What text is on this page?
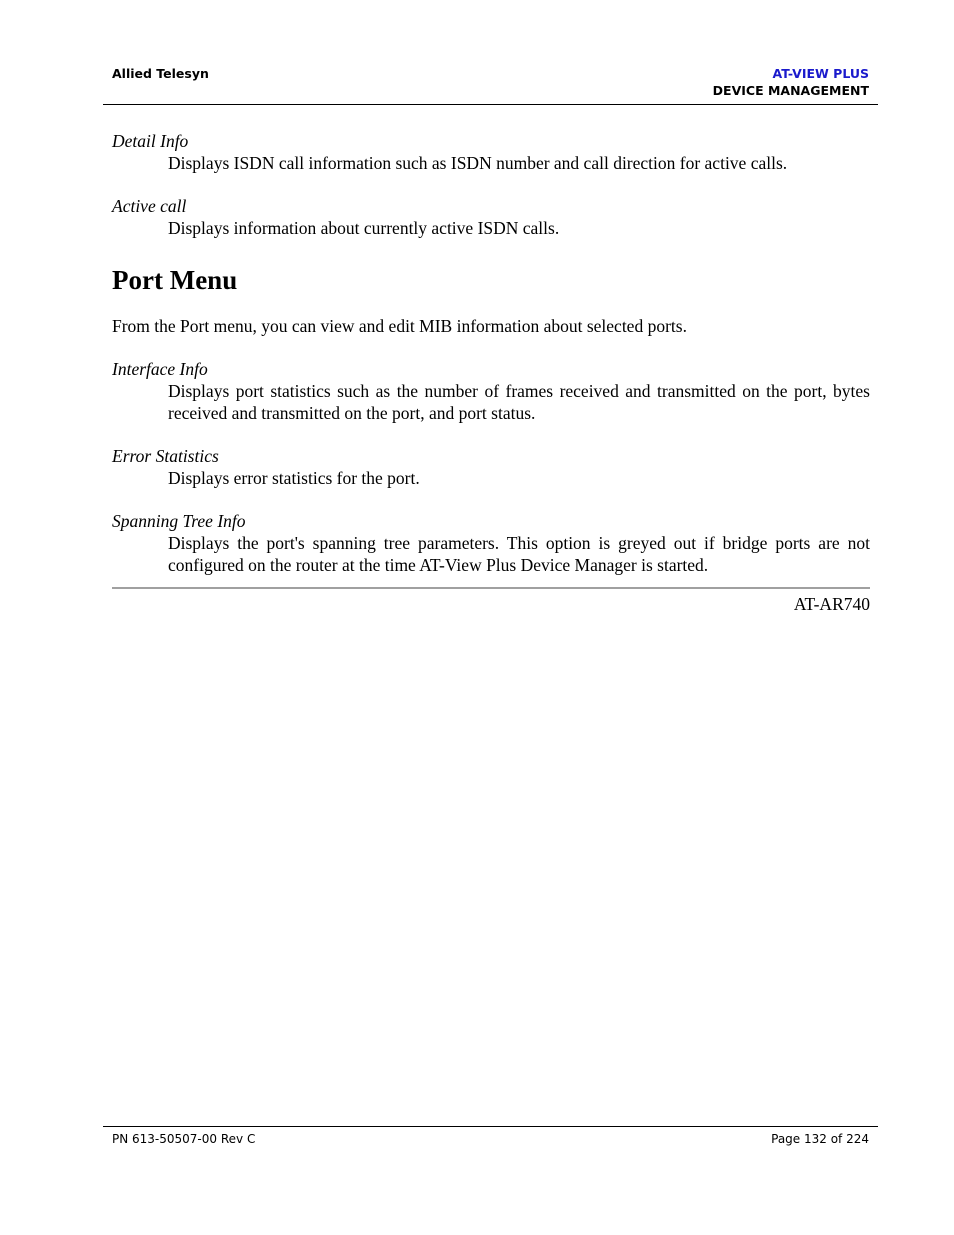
Allied Telesyn	AT-VIEW PLUS
DEVICE MANAGEMENT

Detail Info

Displays ISDN call information such as ISDN number and call direction for active calls.

Active call

Displays information about currently active ISDN calls.

Port Menu

From the Port menu, you can view and edit MIB information about selected ports.

Interface Info

Displays port statistics such as the number of frames received and transmitted on the port, bytes received and transmitted on the port, and port status.

Error Statistics

Displays error statistics for the port.

Spanning Tree Info

Displays the port's spanning tree parameters. This option is greyed out if bridge ports are not configured on the router at the time AT-View Plus Device Manager is started.

AT-AR740
PN 613-50507-00 Rev C	Page 132 of 224
